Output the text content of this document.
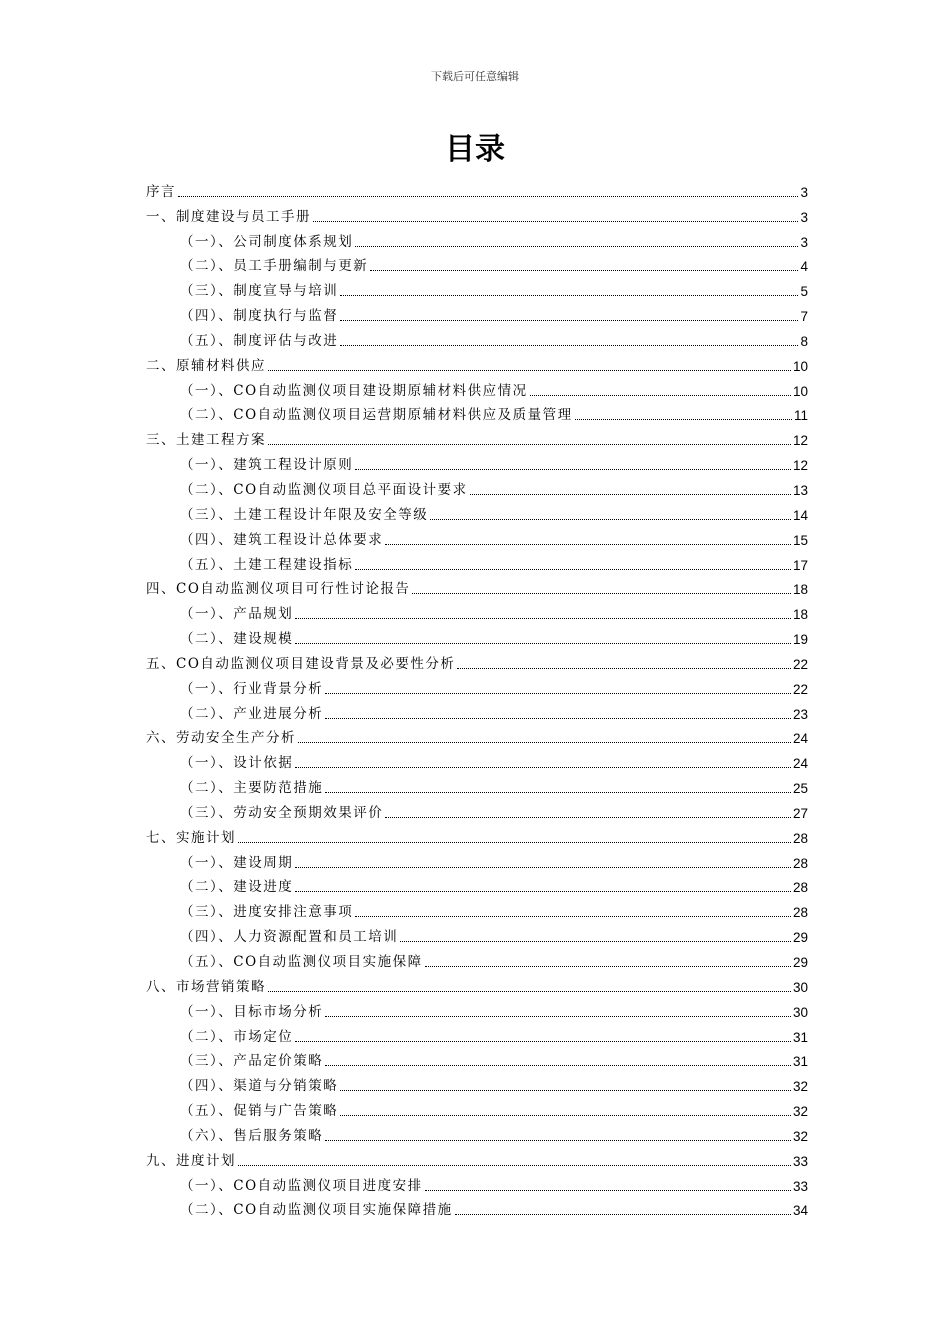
下载后可任意编辑
目录
序言	3
一、制度建设与员工手册	3
（一）、公司制度体系规划	3
（二）、员工手册编制与更新	4
（三）、制度宣导与培训	5
（四）、制度执行与监督	7
（五）、制度评估与改进	8
二、原辅材料供应	10
（一）、CO自动监测仪项目建设期原辅材料供应情况	10
（二）、CO自动监测仪项目运营期原辅材料供应及质量管理	11
三、土建工程方案	12
（一）、建筑工程设计原则	12
（二）、CO自动监测仪项目总平面设计要求	13
（三）、土建工程设计年限及安全等级	14
（四）、建筑工程设计总体要求	15
（五）、土建工程建设指标	17
四、CO自动监测仪项目可行性讨论报告	18
（一）、产品规划	18
（二）、建设规模	19
五、CO自动监测仪项目建设背景及必要性分析	22
（一）、行业背景分析	22
（二）、产业进展分析	23
六、劳动安全生产分析	24
（一）、设计依据	24
（二）、主要防范措施	25
（三）、劳动安全预期效果评价	27
七、实施计划	28
（一）、建设周期	28
（二）、建设进度	28
（三）、进度安排注意事项	28
（四）、人力资源配置和员工培训	29
（五）、CO自动监测仪项目实施保障	29
八、市场营销策略	30
（一）、目标市场分析	30
（二）、市场定位	31
（三）、产品定价策略	31
（四）、渠道与分销策略	32
（五）、促销与广告策略	32
（六）、售后服务策略	32
九、进度计划	33
（一）、CO自动监测仪项目进度安排	33
（二）、CO自动监测仪项目实施保障措施	34
